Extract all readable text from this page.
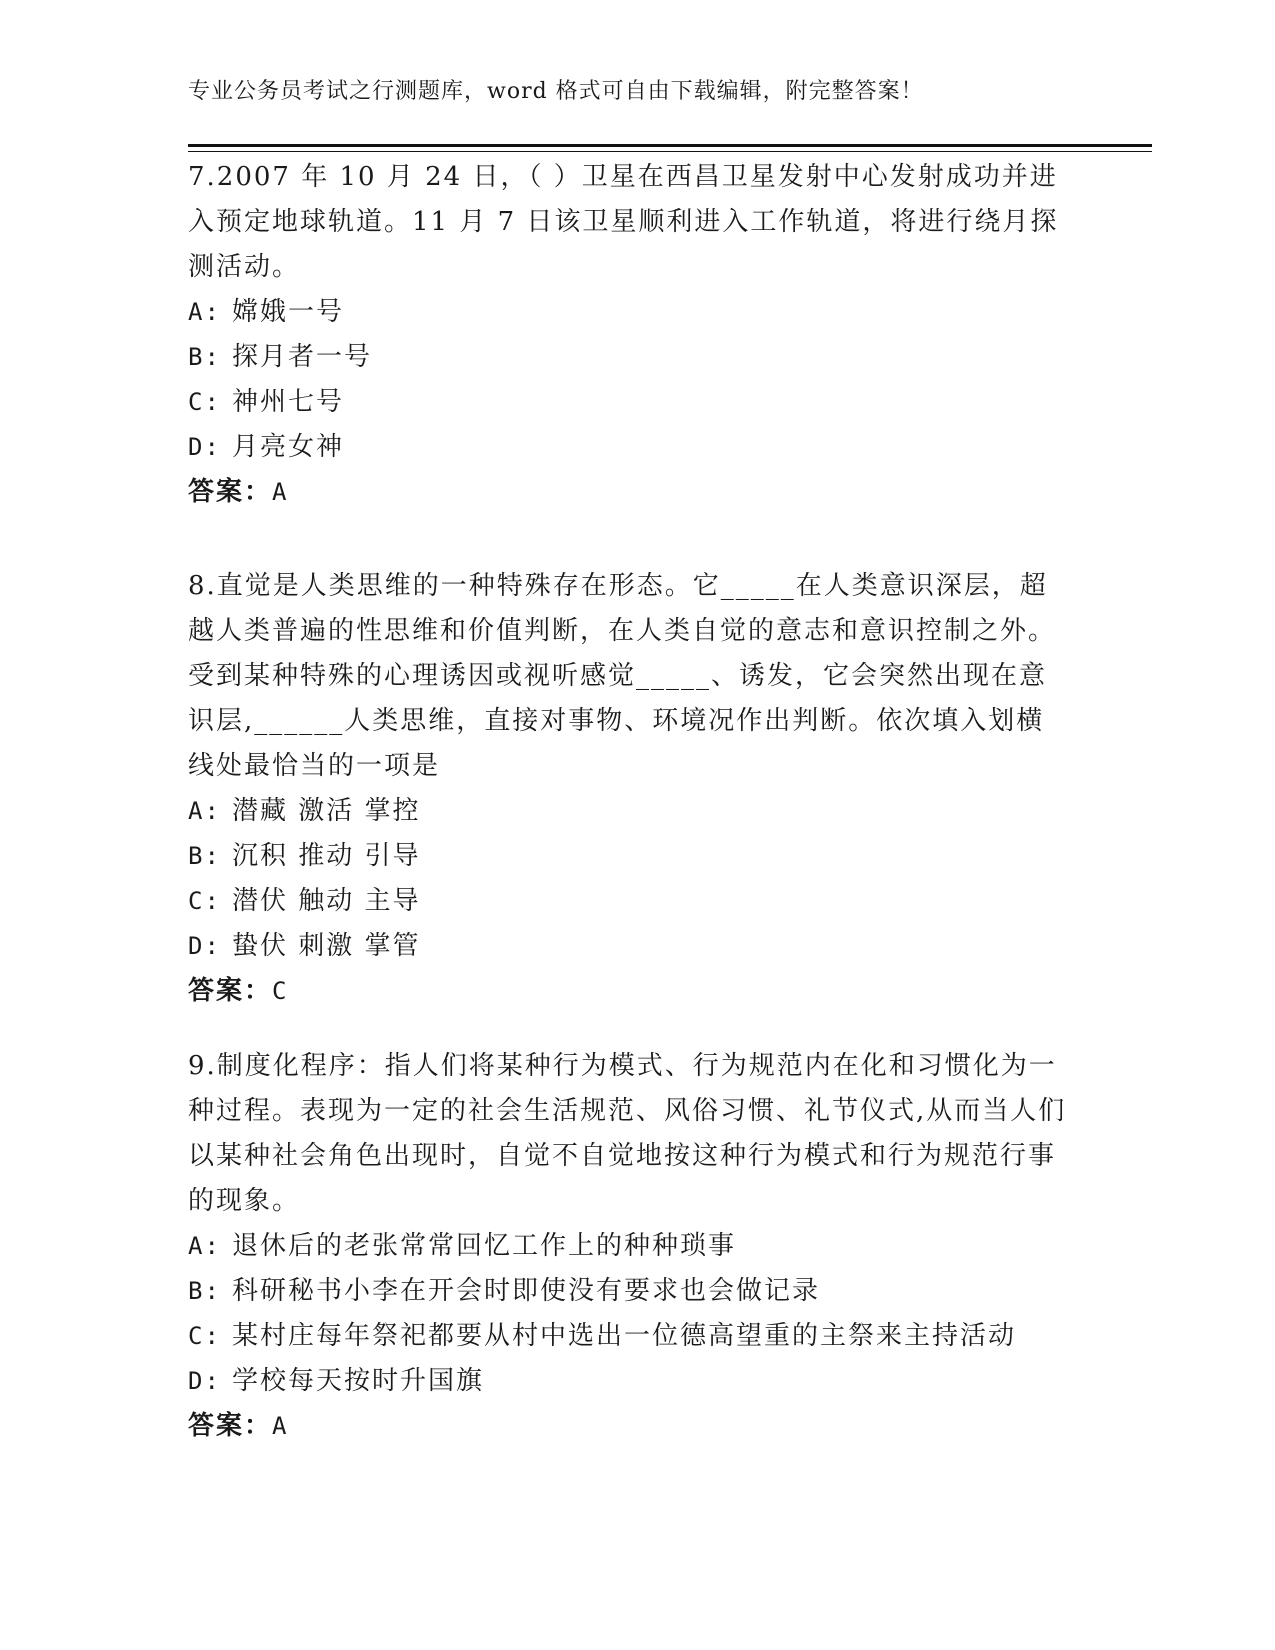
专业公务员考试之行测题库，word 格式可自由下载编辑，附完整答案！

7.2007 年 10 月 24 日，（ ）卫星在西昌卫星发射中心发射成功并进入预定地球轨道。11 月 7 日该卫星顺利进入工作轨道，将进行绕月探测活动。

A: 嫦娥一号
B: 探月者一号
C: 神州七号
D: 月亮女神
答案：A

8.直觉是人类思维的一种特殊存在形态。它_____在人类意识深层，超越人类普遍的性思维和价值判断，在人类自觉的意志和意识控制之外。受到某种特殊的心理诱因或视听感觉_____、诱发，它会突然出现在意识层,______人类思维，直接对事物、环境况作出判断。依次填入划横线处最恰当的一项是

A: 潜藏 激活 掌控
B: 沉积 推动 引导
C: 潜伏 触动 主导
D: 蛰伏 刺激 掌管
答案：C

9.制度化程序：指人们将某种行为模式、行为规范内在化和习惯化为一种过程。表现为一定的社会生活规范、风俗习惯、礼节仪式,从而当人们以某种社会角色出现时，自觉不自觉地按这种行为模式和行为规范行事的现象。

A: 退休后的老张常常回忆工作上的种种琐事
B: 科研秘书小李在开会时即使没有要求也会做记录
C: 某村庄每年祭祀都要从村中选出一位德高望重的主祭来主持活动
D: 学校每天按时升国旗
答案：A
